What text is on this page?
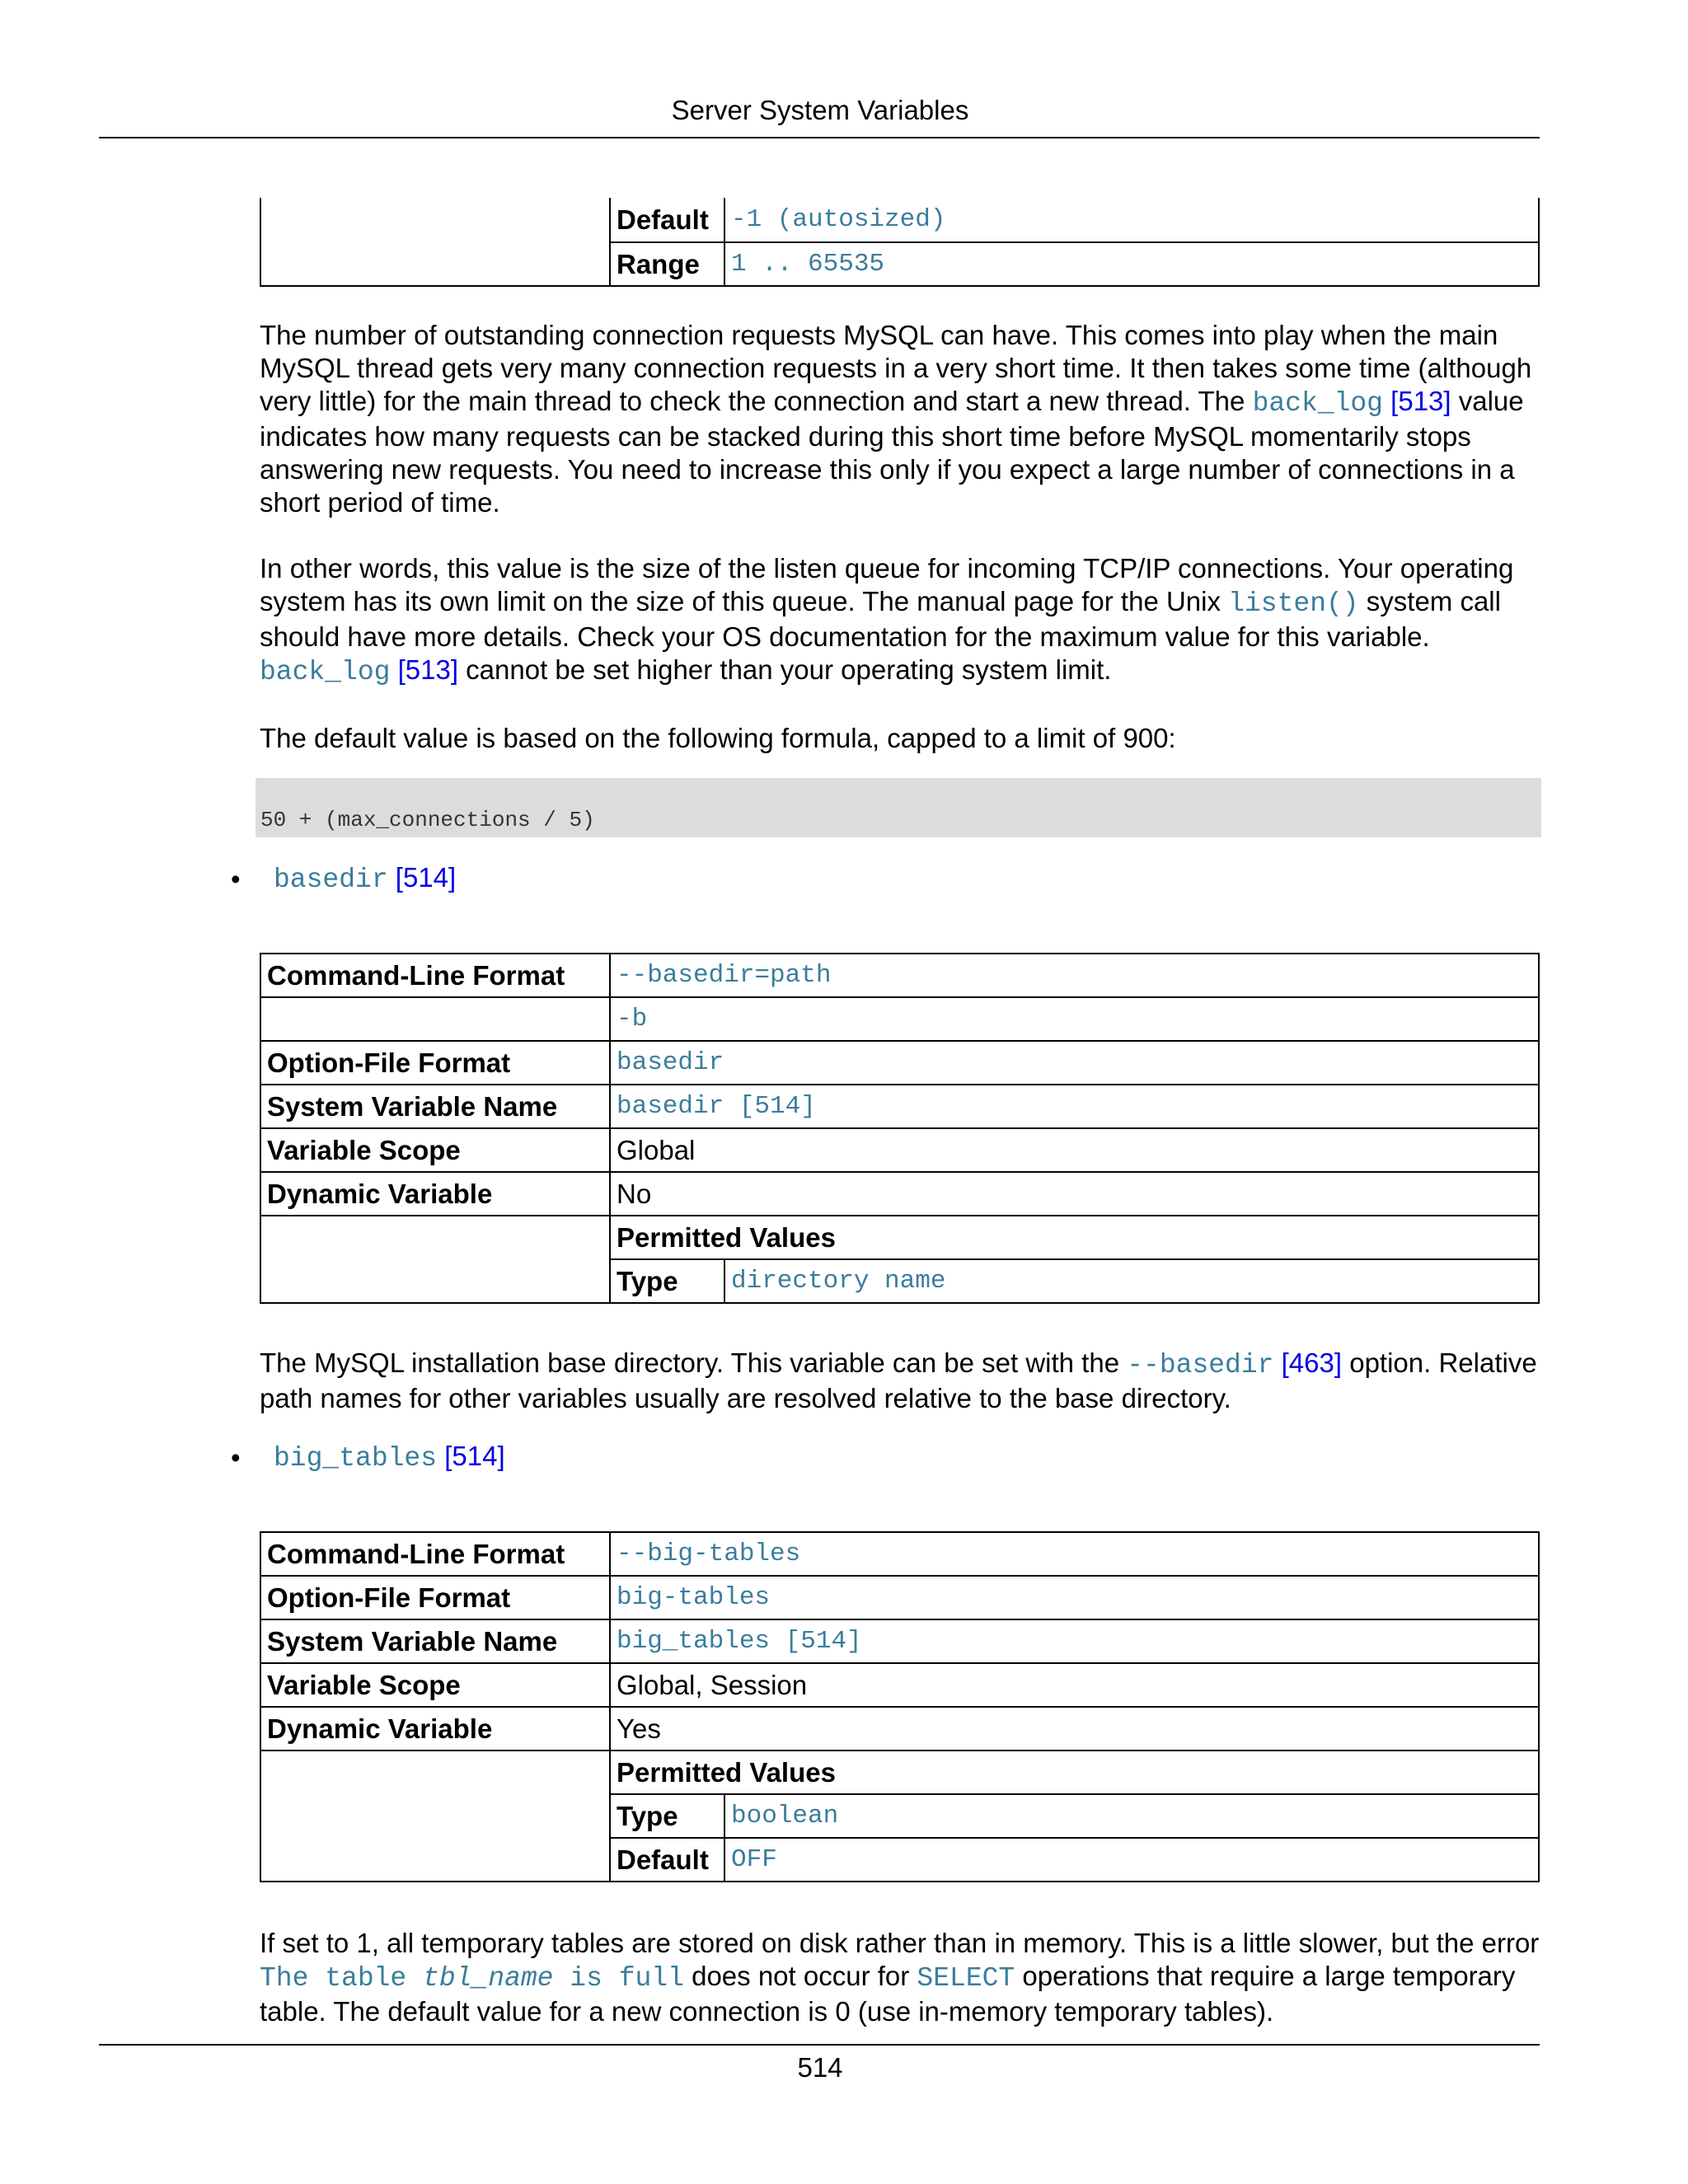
Server System Variables
	Default	-1 (autosized)
	Range	1 .. 65535

The number of outstanding connection requests MySQL can have. This comes into play when the main MySQL thread gets very many connection requests in a very short time. It then takes some time (although very little) for the main thread to check the connection and start a new thread. The back_log [513] value indicates how many requests can be stacked during this short time before MySQL momentarily stops answering new requests. You need to increase this only if you expect a large number of connections in a short period of time.

In other words, this value is the size of the listen queue for incoming TCP/IP connections. Your operating system has its own limit on the size of this queue. The manual page for the Unix listen() system call should have more details. Check your OS documentation for the maximum value for this variable. back_log [513] cannot be set higher than your operating system limit.

The default value is based on the following formula, capped to a limit of 900:

50 + (max_connections / 5)
• basedir [514]
Command-Line Format	--basedir=path	
	-b	
Option-File Format	basedir	
System Variable Name	basedir [514]	
Variable Scope	Global	
Dynamic Variable	No	
	Permitted Values	
	Type	directory name

The MySQL installation base directory. This variable can be set with the --basedir [463] option. Relative path names for other variables usually are resolved relative to the base directory.

• big_tables [514]
Command-Line Format	--big-tables	
Option-File Format	big-tables	
System Variable Name	big_tables [514]	
Variable Scope	Global, Session	
Dynamic Variable	Yes	
	Permitted Values	
	Type	boolean
	Default	OFF

If set to 1, all temporary tables are stored on disk rather than in memory. This is a little slower, but the error The table tbl_name is full does not occur for SELECT operations that require a large temporary table. The default value for a new connection is 0 (use in-memory temporary tables).

514
